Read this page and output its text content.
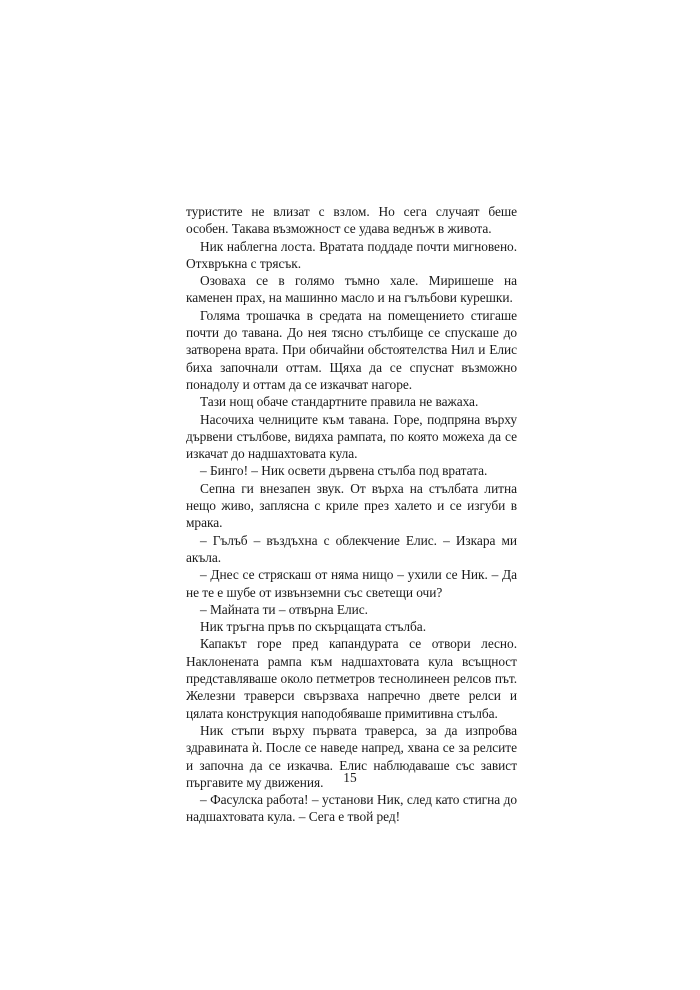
туристите не влизат с взлом. Но сега случаят беше особен. Такава възможност се удава веднъж в живота.

Ник наблегна лоста. Вратата поддаде почти мигновено. Отхвръкна с трясък.

Озоваха се в голямо тъмно хале. Миришеше на каменен прах, на машинно масло и на гълъбови курешки.

Голяма трошачка в средата на помещението стигаше почти до тавана. До нея тясно стълбище се спускаше до затворена врата. При обичайни обстоятелства Нил и Елис биха започнали оттам. Щяха да се спуснат възможно понадолу и оттам да се изкачват нагоре.

Тази нощ обаче стандартните правила не важаха.

Насочиха челниците към тавана. Горе, подпряна върху дървени стълбове, видяха рампата, по която можеха да се изкачат до надшахтовата кула.

– Бинго! – Ник освети дървена стълба под вратата.

Сепна ги внезапен звук. От върха на стълбата литна нещо живо, заплясна с криле през халето и се изгуби в мрака.

– Гълъб – въздъхна с облекчение Елис. – Изкара ми акъла.

– Днес се стряскаш от няма нищо – ухили се Ник. – Да не те е шубе от извънземни със светещи очи?

– Майната ти – отвърна Елис.

Ник тръгна пръв по скърцащата стълба.

Капакът горе пред капандурата се отвори лесно. Наклонената рампа към надшахтовата кула всъщност представляваше около петметров теснолинеен релсов път. Железни траверси свързваха напречно двете релси и цялата конструкция наподобяваше примитивна стълба.

Ник стъпи върху първата траверса, за да изпробва здравината ѝ. После се наведе напред, хвана се за релсите и започна да се изкачва. Елис наблюдаваше със завист пъргавите му движения.

– Фасулска работа! – установи Ник, след като стигна до надшахтовата кула. – Сега е твой ред!

15
